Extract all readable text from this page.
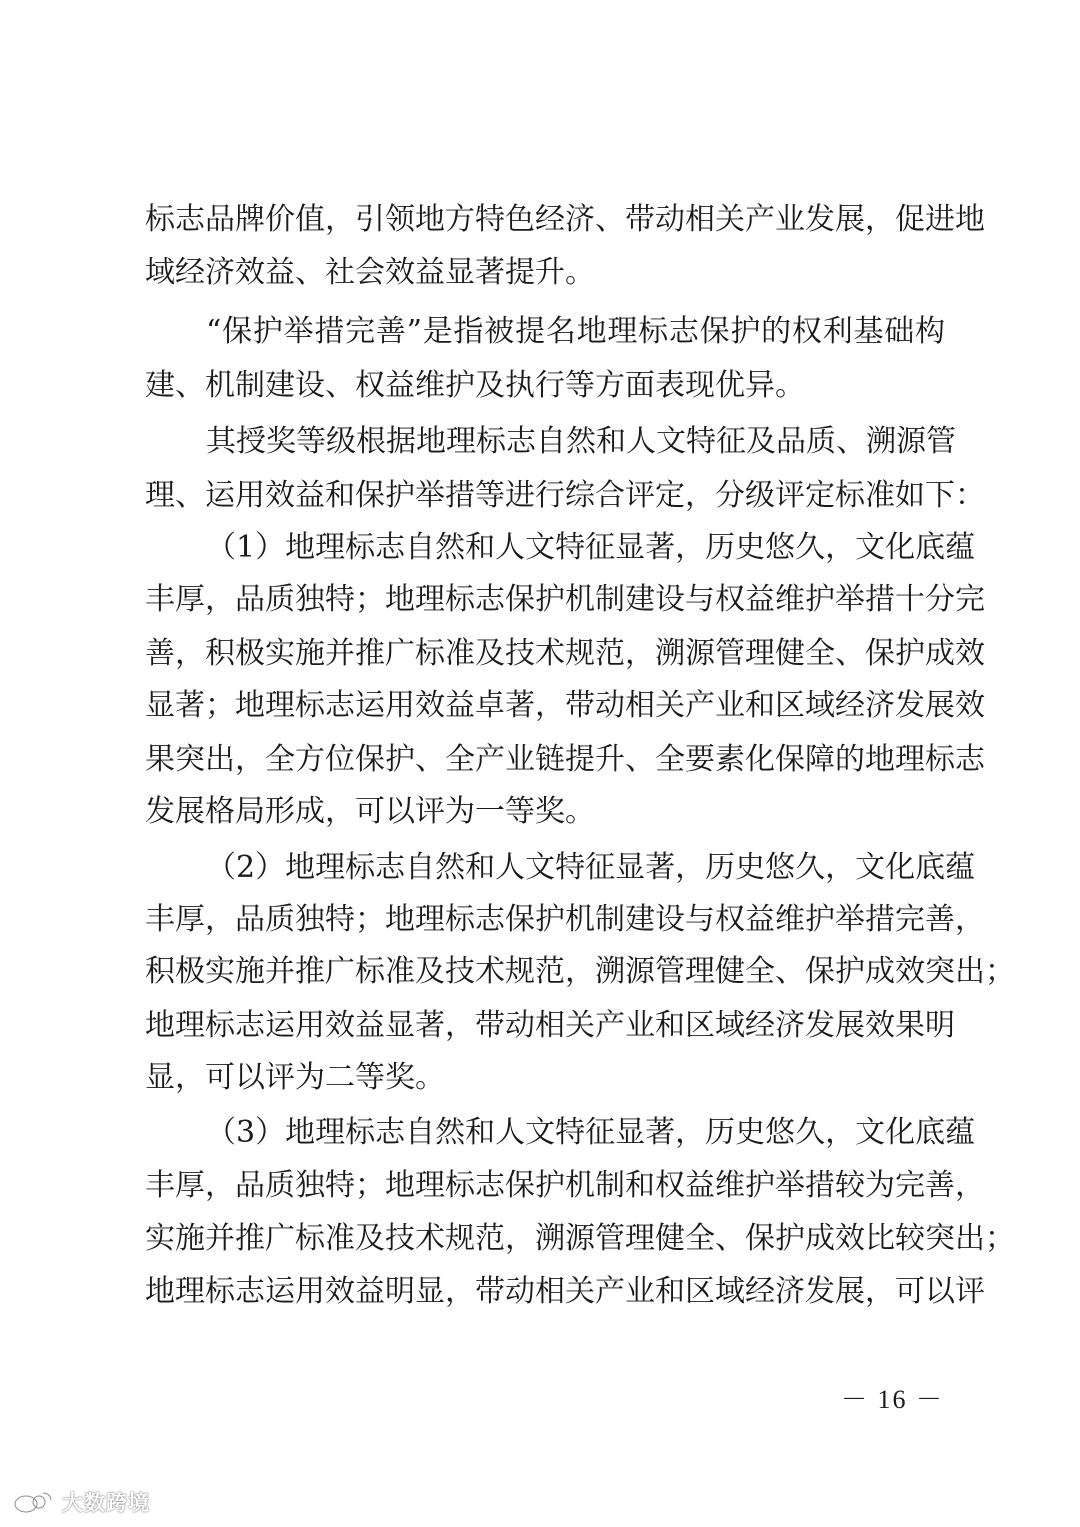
标志品牌价值，引领地方特色经济、带动相关产业发展，促进地

域经济效益、社会效益显著提升。

“保护举措完善”是指被提名地理标志保护的权利基础构

建、机制建设、权益维护及执行等方面表现优异。

其授奖等级根据地理标志自然和人文特征及品质、溯源管

理、运用效益和保护举措等进行综合评定，分级评定标准如下：

（1）地理标志自然和人文特征显著，历史悠久，文化底蕴

丰厚，品质独特；地理标志保护机制建设与权益维护举措十分完

善，积极实施并推广标准及技术规范，溯源管理健全、保护成效

显著；地理标志运用效益卓著，带动相关产业和区域经济发展效

果突出，全方位保护、全产业链提升、全要素化保障的地理标志

发展格局形成，可以评为一等奖。

（2）地理标志自然和人文特征显著，历史悠久，文化底蕴

丰厚，品质独特；地理标志保护机制建设与权益维护举措完善，

积极实施并推广标准及技术规范，溯源管理健全、保护成效突出；

地理标志运用效益显著，带动相关产业和区域经济发展效果明

显，可以评为二等奖。

（3）地理标志自然和人文特征显著，历史悠久，文化底蕴

丰厚，品质独特；地理标志保护机制和权益维护举措较为完善，

实施并推广标准及技术规范，溯源管理健全、保护成效比较突出；

地理标志运用效益明显，带动相关产业和区域经济发展，可以评

－ 16 －
大数跨境
